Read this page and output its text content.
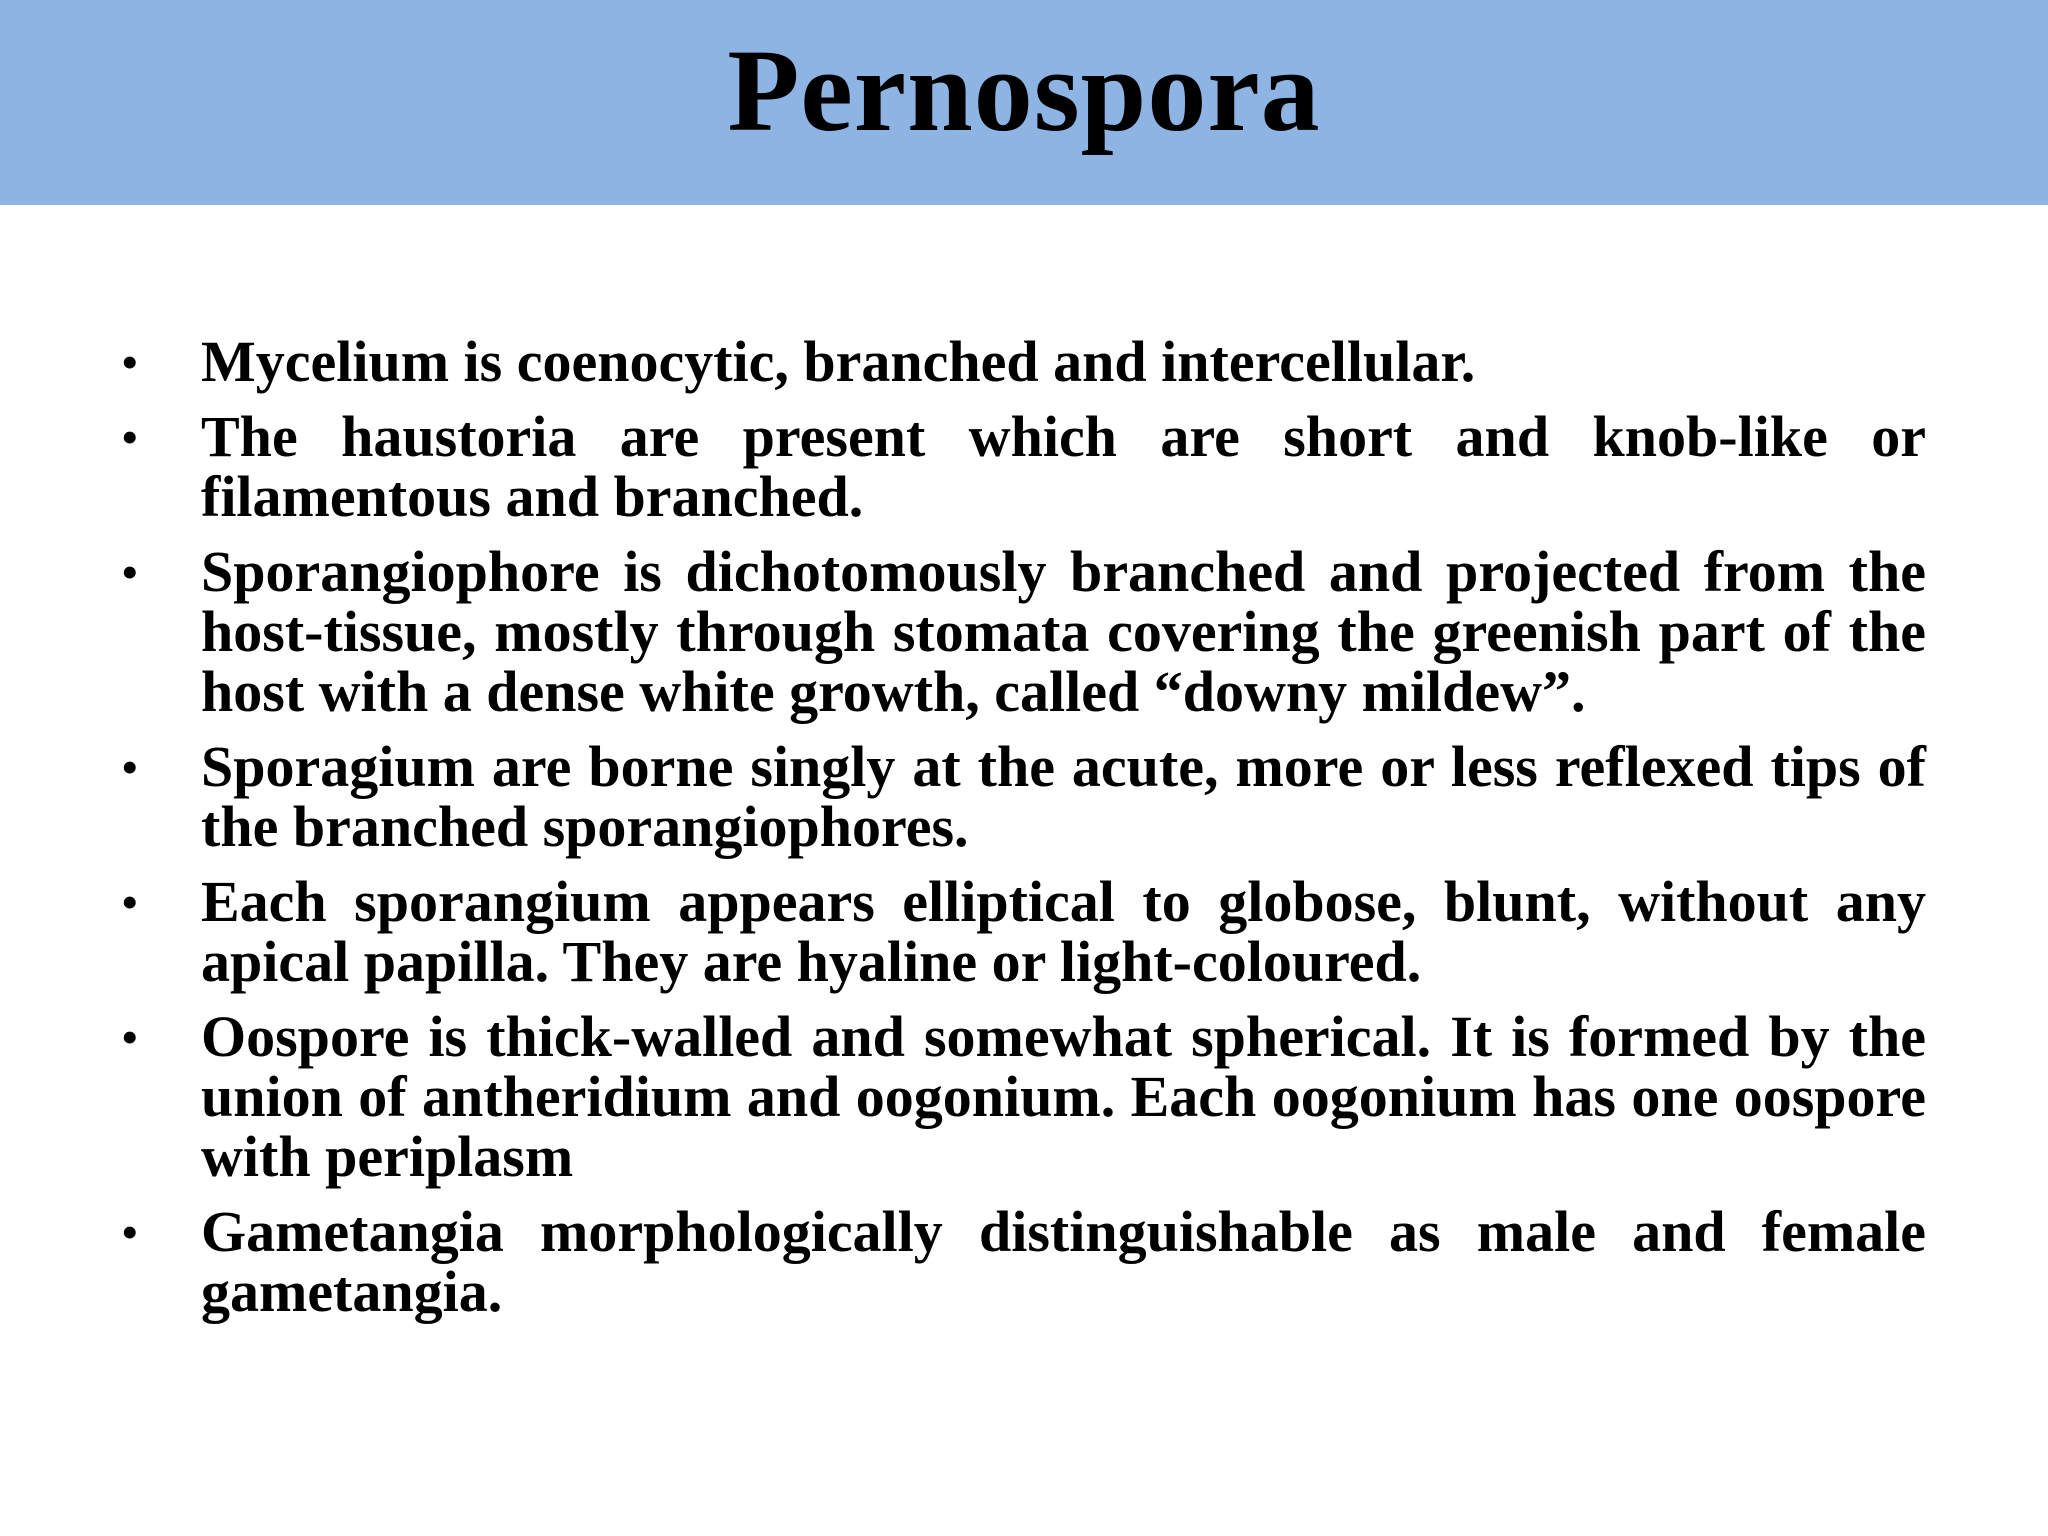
Pernospora
• Mycelium is coenocytic, branched and intercellular.
• The haustoria are present which are short and knob-like or filamentous and branched.
• Sporangiophore is dichotomously branched and projected from the host-tissue, mostly through stomata covering the greenish part of the host with a dense white growth, called “downy mildew”.
• Sporagium are borne singly at the acute, more or less reflexed tips of the branched sporangiophores.
• Each sporangium appears elliptical to globose, blunt, without any apical papilla. They are hyaline or light-coloured.
• Oospore is thick-walled and somewhat spherical. It is formed by the union of antheridium and oogonium. Each oogonium has one oospore with periplasm
• Gametangia morphologically distinguishable as male and female gametangia.
